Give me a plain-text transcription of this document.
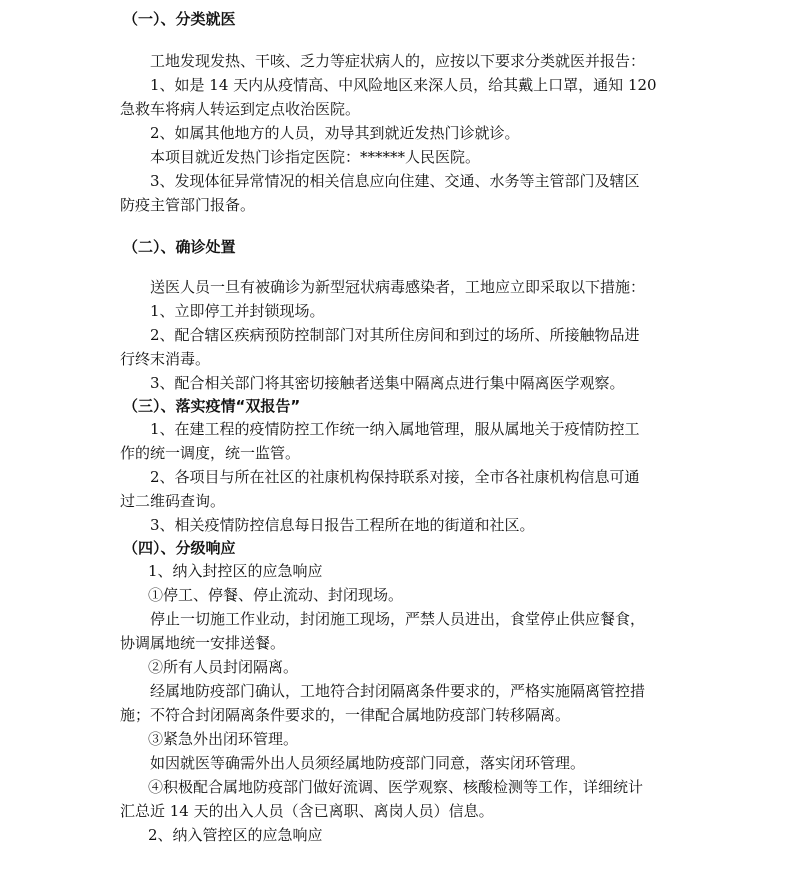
（一）、分类就医
工地发现发热、干咳、乏力等症状病人的，应按以下要求分类就医并报告：
1、如是 14 天内从疫情高、中风险地区来深人员，给其戴上口罩，通知 120
急救车将病人转运到定点收治医院。
2、如属其他地方的人员，劝导其到就近发热门诊就诊。
本项目就近发热门诊指定医院：******人民医院。
3、发现体征异常情况的相关信息应向住建、交通、水务等主管部门及辖区
防疫主管部门报备。
（二）、确诊处置
送医人员一旦有被确诊为新型冠状病毒感染者，工地应立即采取以下措施：
1、立即停工并封锁现场。
2、配合辖区疾病预防控制部门对其所住房间和到过的场所、所接触物品进
行终末消毒。
3、配合相关部门将其密切接触者送集中隔离点进行集中隔离医学观察。
（三）、落实疫情“双报告”
1、在建工程的疫情防控工作统一纳入属地管理，服从属地关于疫情防控工
作的统一调度，统一监管。
2、各项目与所在社区的社康机构保持联系对接，全市各社康机构信息可通
过二维码查询。
3、相关疫情防控信息每日报告工程所在地的街道和社区。
（四）、分级响应
1、纳入封控区的应急响应
①停工、停餐、停止流动、封闭现场。
停止一切施工作业动，封闭施工现场，严禁人员进出，食堂停止供应餐食，
协调属地统一安排送餐。
②所有人员封闭隔离。
经属地防疫部门确认，工地符合封闭隔离条件要求的，严格实施隔离管控措
施；不符合封闭隔离条件要求的，一律配合属地防疫部门转移隔离。
③紧急外出闭环管理。
如因就医等确需外出人员须经属地防疫部门同意，落实闭环管理。
④积极配合属地防疫部门做好流调、医学观察、核酸检测等工作，详细统计
汇总近 14 天的出入人员（含已离职、离岗人员）信息。
2、纳入管控区的应急响应
